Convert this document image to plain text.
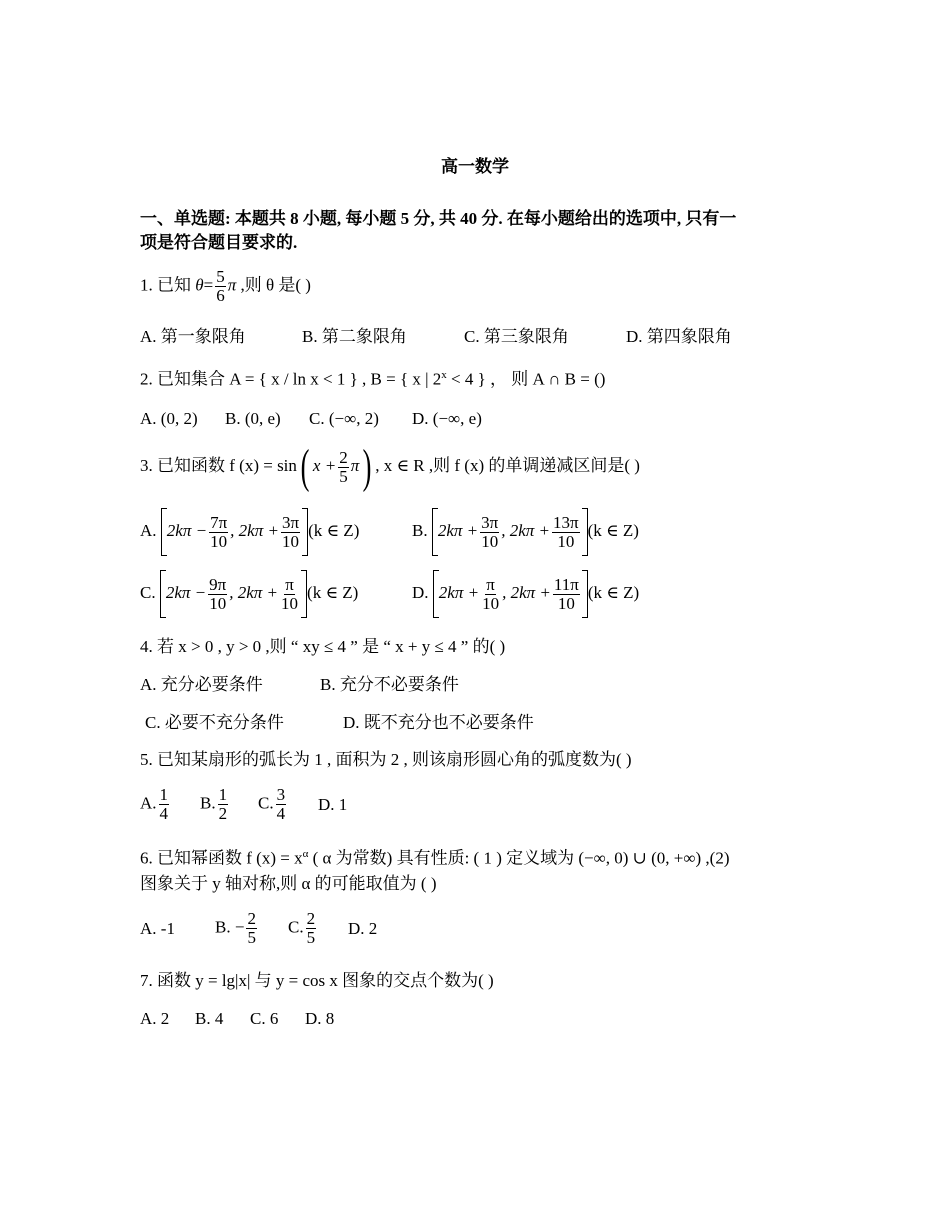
高一数学
一、单选题: 本题共 8 小题, 每小题 5 分, 共 40 分. 在每小题给出的选项中, 只有一
项是符合题目要求的.
1. 已知 $\theta= \frac{5}{6}$ π ,则 θ 是( )
A. 第一象限角	B. 第二象限角	C. 第三象限角	D. 第四象限角
2. 已知集合 A = { x / ln x < 1 } , B = { x | $2^x < 4$ } ， 则 A ∩ B = ()
A. (0, 2) B. (0, e) C. (−∞, 2) D. (−∞, e)
3. 已知函数 f (x) = sin( $x + \frac{2}{5} \pi$) , x ∈ R ,则 f (x) 的单调递减区间是( )
A. $2k\pi - \frac{7\pi}{10}$ , $2k\pi + \frac{3\pi}{10} (k$ ∈ Z)	B. $2k\pi + \frac{3\pi}{10}$ , $2k\pi + \frac{13\pi}{10} (k$ ∈ Z)
C. $2k\pi - \frac{9\pi}{10}$ , $2k\pi + \frac{\pi}{10} (k$ ∈ Z)	D. $2k\pi + \frac{\pi}{10}$ , $2k\pi + \frac{11\pi}{10} (k$ ∈ Z)
4. 若 x > 0 , y > 0 ,则 “ xy ≤ 4 ” 是 “ x + y ≤ 4 ” 的( )
A. 充分必要条件	B. 充分不必要条件
C. 必要不充分条件	D. 既不充分也不必要条件
5. 已知某扇形的弧长为 1 , 面积为 2 , 则该扇形圆心角的弧度数为( )
A. $\frac{1}{4} B$. $\frac{1}{2} C$. $\frac{3}{4} D$. 1
6. 已知幂函数 f $(x) = x^\alpha$ ( α 为常数) 具有性质: ( 1 ) 定义域为 (−∞, 0) ∪ (0, +∞) ,(2)
图象关于 y 轴对称,则 α 的可能取值为 ( )
A. -1 B. − $\frac{2}{5} C$. $\frac{2}{5} D$. 2
7. 函数 y = lg|x| 与 y = cos x 图象的交点个数为( )
A. 2 B. 4 C. 6 D. 8
